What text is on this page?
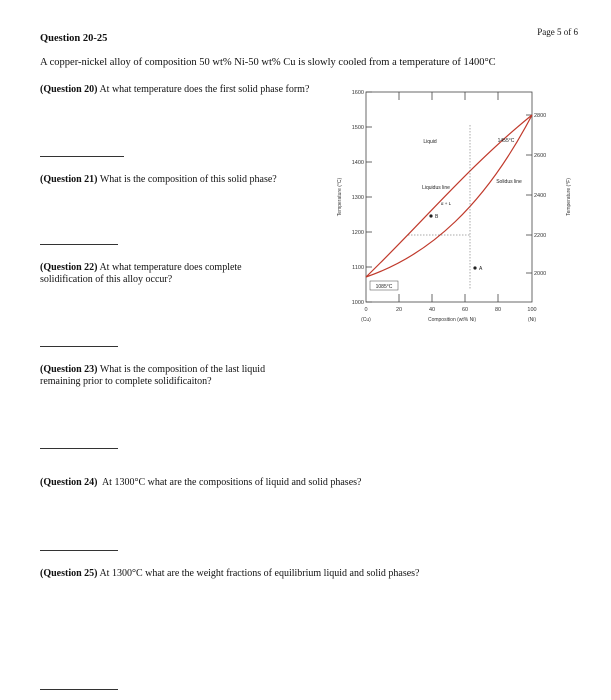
Page 5 of 6
Question 20-25
A copper-nickel alloy of composition 50 wt% Ni-50 wt% Cu is slowly cooled from a temperature of 1400°C
(Question 20) At what temperature does the first solid phase form?
(Question 21) What is the composition of this solid phase?
(Question 22) At what temperature does complete solidification of this alloy occur?
(Question 23) What is the composition of the last liquid remaining prior to complete solidificaiton?
(Question 24) At 1300°C what are the compositions of liquid and solid phases?
(Question 25) At 1300°C what are the weight fractions of equilibrium liquid and solid phases?
1600
1500
1400
1300
1200
1100
1000
2800
2600
2400
2200
2000
0	20	40	60	80	100
(Cu)	(Ni)
Composition (wt% Ni)
Temperature (°C)	Temperature (°F)
Liquid
Liquidus line
Solidus line
α + L
1455°C
1085°C
B
A
